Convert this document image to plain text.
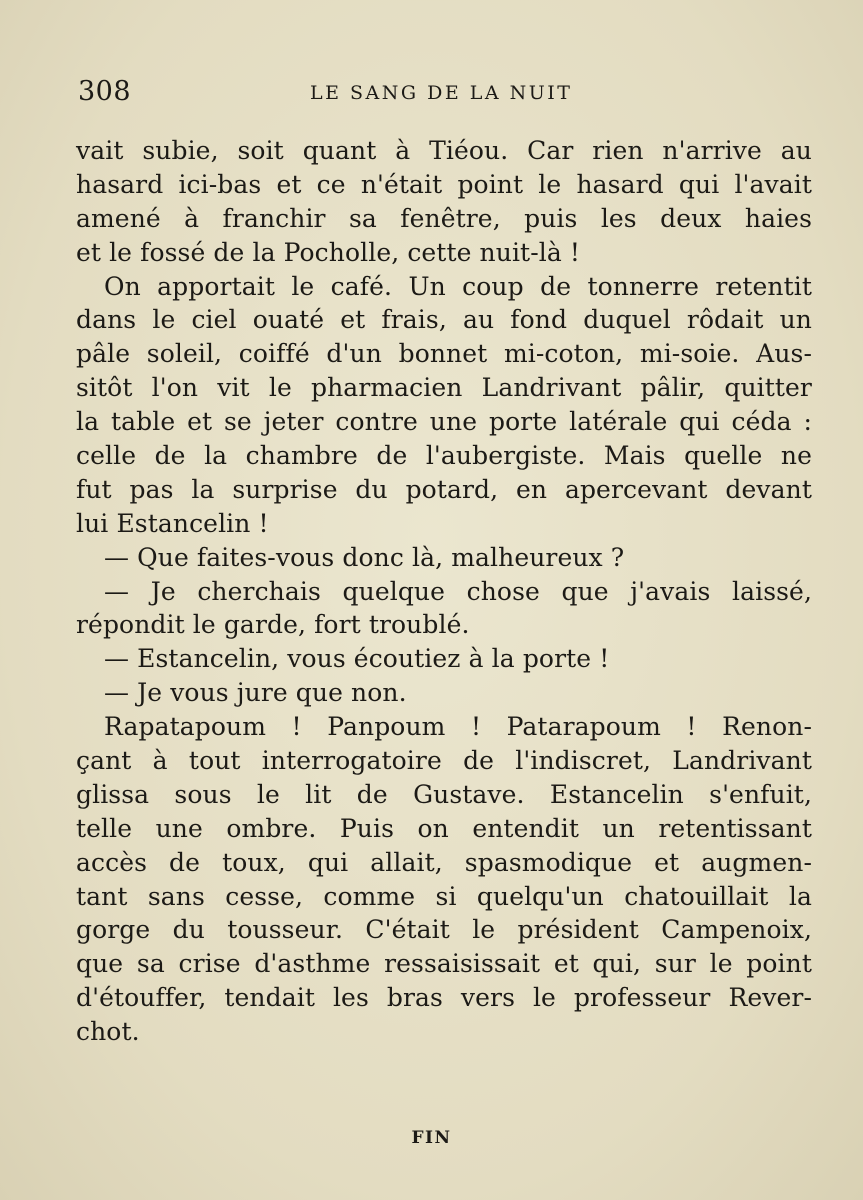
308	LE SANG DE LA NUIT
vait subie, soit quant à Tiéou. Car rien n'arrive au
hasard ici-bas et ce n'était point le hasard qui l'avait
amené à franchir sa fenêtre, puis les deux haies
et le fossé de la Pocholle, cette nuit-là !
On apportait le café. Un coup de tonnerre retentit
dans le ciel ouaté et frais, au fond duquel rôdait un
pâle soleil, coiffé d'un bonnet mi-coton, mi-soie. Aus-
sitôt l'on vit le pharmacien Landrivant pâlir, quitter
la table et se jeter contre une porte latérale qui céda :
celle de la chambre de l'aubergiste. Mais quelle ne
fut pas la surprise du potard, en apercevant devant
lui Estancelin !
— Que faites-vous donc là, malheureux ?
— Je cherchais quelque chose que j'avais laissé,
répondit le garde, fort troublé.
— Estancelin, vous écoutiez à la porte !
— Je vous jure que non.
Rapatapoum ! Panpoum ! Patarapoum ! Renon-
çant à tout interrogatoire de l'indiscret, Landrivant
glissa sous le lit de Gustave. Estancelin s'enfuit,
telle une ombre. Puis on entendit un retentissant
accès de toux, qui allait, spasmodique et augmen-
tant sans cesse, comme si quelqu'un chatouillait la
gorge du tousseur. C'était le président Campenoix,
que sa crise d'asthme ressaisissait et qui, sur le point
d'étouffer, tendait les bras vers le professeur Rever-
chot.
FIN
